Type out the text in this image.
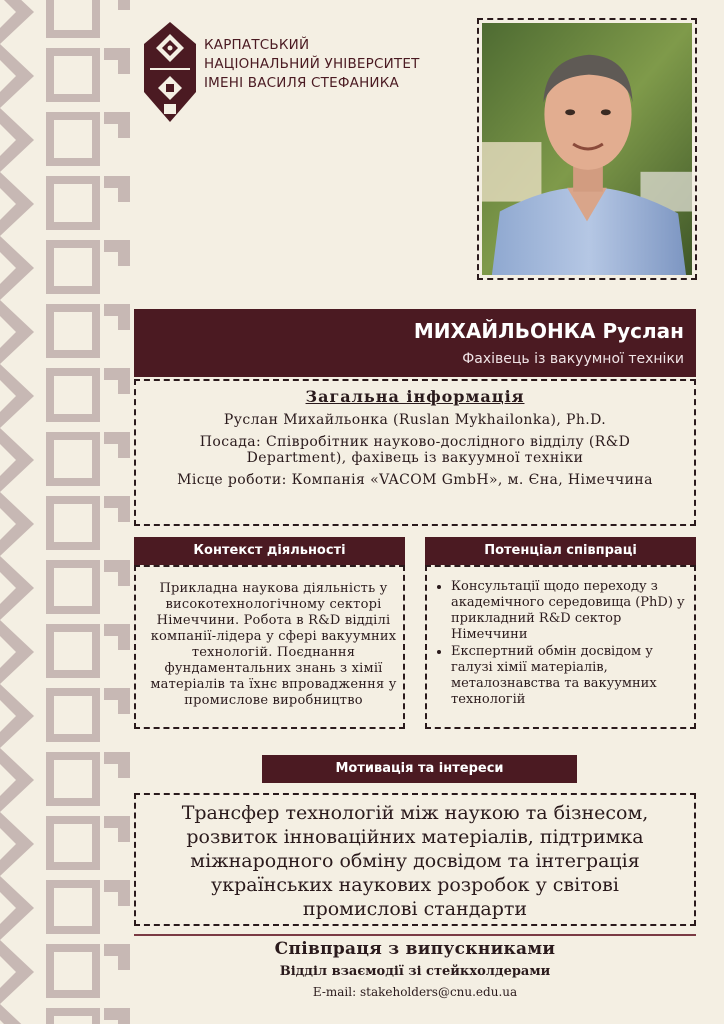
КАРПАТСЬКИЙ
НАЦІОНАЛЬНИЙ УНІВЕРСИТЕТ
ІМЕНІ ВАСИЛЯ СТЕФАНИКА
МИХАЙЛЬОНКА Руслан
Фахівець із вакуумної техніки
Загальна інформація

Руслан Михайльонка (Ruslan Mykhailonka), Ph.D.

Посада: Співробітник науково-дослідного відділу (R&D Department), фахівець із вакуумної техніки

Місце роботи: Компанія «VACOM GmbH», м. Єна, Німеччина

Контекст діяльності

Прикладна наукова діяльність у високотехнологічному секторі Німеччини. Робота в R&D відділі компанії-лідера у сфері вакуумних технологій. Поєднання фундаментальних знань з хімії матеріалів та їхнє впровадження у промислове виробництво

Потенціал співпраці
• Консультації щодо переходу з академічного середовища (PhD) у прикладний R&D сектор Німеччини
• Експертний обмін досвідом у галузі хімії матеріалів, металознавства та вакуумних технологій
Мотивація та інтереси

Трансфер технологій між наукою та бізнесом, розвиток інноваційних матеріалів, підтримка міжнародного обміну досвідом та інтеграція українських наукових розробок у світові промислові стандарти

Співпраця з випускниками
Відділ взаємодії зі стейкхолдерами
E-mail: stakeholders@cnu.edu.ua
